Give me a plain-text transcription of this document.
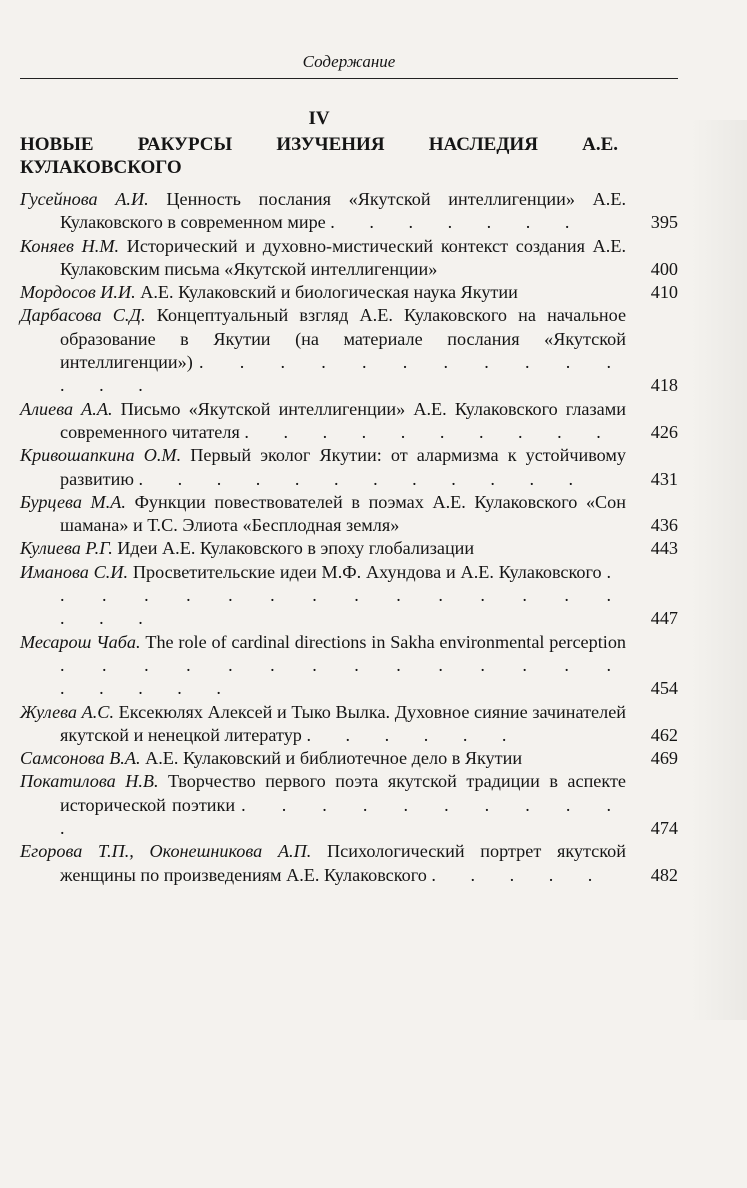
Содержание
IV
НОВЫЕ РАКУРСЫ ИЗУЧЕНИЯ НАСЛЕДИЯ А.Е. КУЛАКОВСКОГО
Гусейнова А.И. Ценность послания «Якутской интеллигенции» А.Е. Кулаковского в современном мире . . . . . . .	395
Коняев Н.М. Исторический и духовно-мистический контекст создания А.Е. Кулаковским письма «Якутской интеллигенции»	400
Мордосов И.И. А.Е. Кулаковский и биологическая наука Якутии	410
Дарбасова С.Д. Концептуальный взгляд А.Е. Кулаковского на начальное образование в Якутии (на материале послания «Якутской интеллигенции») . . . . . . . . . . . . . .	418
Алиева А.А. Письмо «Якутской интеллигенции» А.Е. Кулаковского глазами современного читателя . . . . . . . . . .	426
Кривошапкина О.М. Первый эколог Якутии: от алармизма к устойчивому развитию . . . . . . . . . . . .	431
Бурцева М.А. Функции повествователей в поэмах А.Е. Кулаковского «Сон шамана» и Т.С. Элиота «Бесплодная земля»	436
Кулиева Р.Г. Идеи А.Е. Кулаковского в эпоху глобализации	443
Иманова С.И. Просветительские идеи М.Ф. Ахундова и А.Е. Кулаковского . . . . . . . . . . . . . . . . . .	447
Месарош Чаба. The role of cardinal directions in Sakha environmental perception . . . . . . . . . . . . . . . . . . .	454
Жулева А.С. Ексекюлях Алексей и Тыко Вылка. Духовное сияние зачинателей якутской и ненецкой литератур . . . . . .	462
Самсонова В.А. А.Е. Кулаковский и библиотечное дело в Якутии	469
Покатилова Н.В. Творчество первого поэта якутской традиции в аспекте исторической поэтики . . . . . . . . . . .	474
Егорова Т.П., Оконешникова А.П. Психологический портрет якутской женщины по произведениям А.Е. Кулаковского . . . . .	482
